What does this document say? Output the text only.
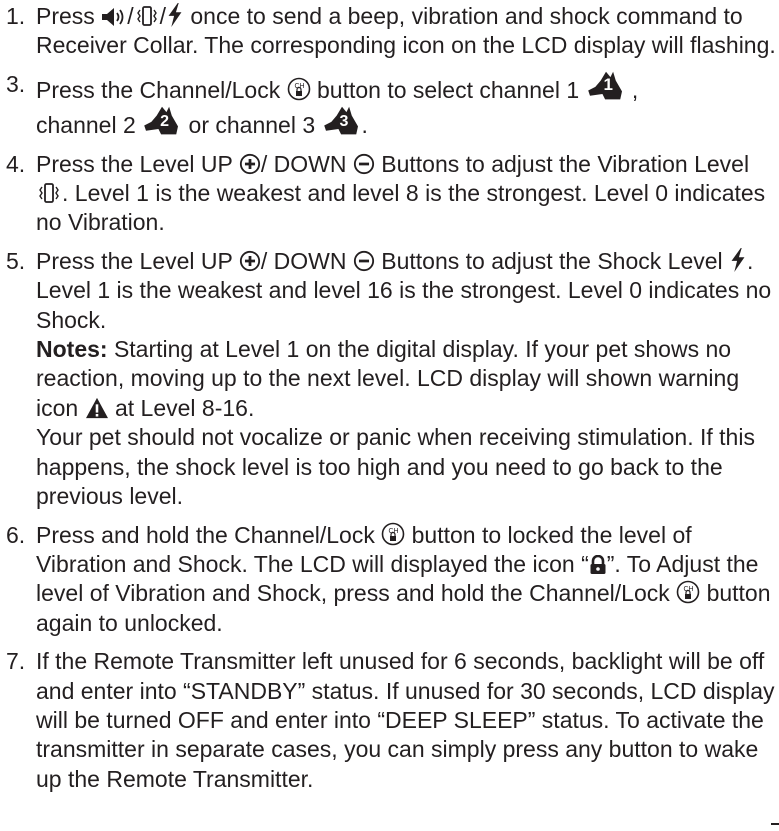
1. Press / / once to send a beep, vibration and shock command to Receiver Collar. The corresponding icon on the LCD display will flashing.
3. Press the Channel/Lock button to select channel 1 1 ,
channel 2 2 or channel 3 3 .
4. Press the Level UP / DOWN Buttons to adjust the Vibration Level
. Level 1 is the weakest and level 8 is the strongest. Level 0 indicates no Vibration.
5. Press the Level UP / DOWN Buttons to adjust the Shock Level . Level 1 is the weakest and level 16 is the strongest. Level 0 indicates no Shock.
Notes: Starting at Level 1 on the digital display. If your pet shows no reaction, moving up to the next level. LCD display will shown warning icon at Level 8-16.
Your pet should not vocalize or panic when receiving stimulation. If this happens, the shock level is too high and you need to go back to the previous level.
6. Press and hold the Channel/Lock button to locked the level of Vibration and Shock. The LCD will displayed the icon “ ”. To Adjust the level of Vibration and Shock, press and hold the Channel/Lock button again to unlocked.
7. If the Remote Transmitter left unused for 6 seconds, backlight will be off and enter into “STANDBY” status. If unused for 30 seconds, LCD display will be turned OFF and enter into “DEEP SLEEP” status. To activate the transmitter in separate cases, you can simply press any button to wake up the Remote Transmitter.
